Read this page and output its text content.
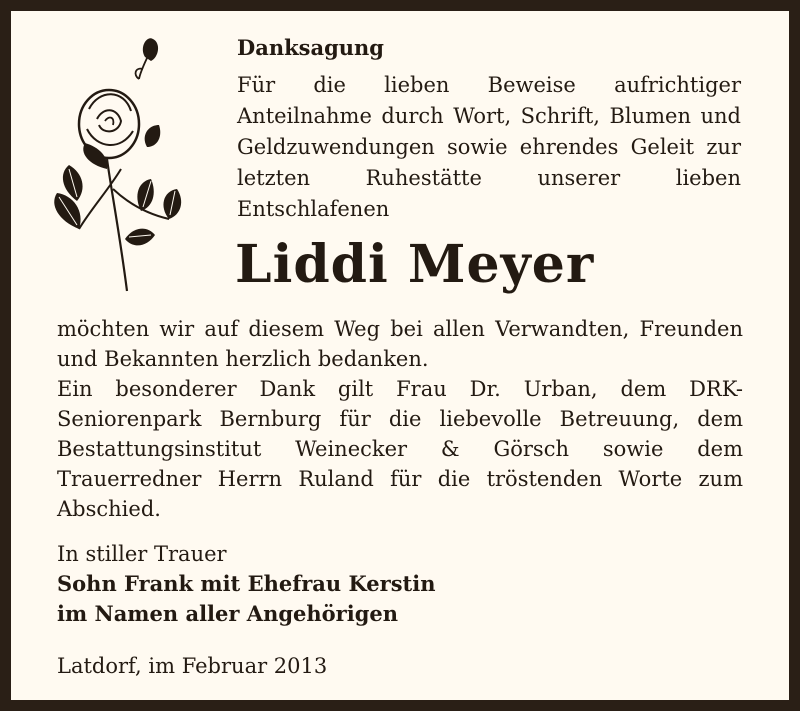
Danksagung

Für die lieben Beweise aufrichtiger Anteilnahme durch Wort, Schrift, Blumen und Geldzuwendungen sowie ehrendes Geleit zur letzten Ruhestätte unserer lieben Entschlafenen

Liddi Meyer

möchten wir auf diesem Weg bei allen Verwandten, Freunden und Bekannten herzlich bedanken.

Ein besonderer Dank gilt Frau Dr. Urban, dem DRK-Seniorenpark Bernburg für die liebevolle Betreuung, dem Bestattungsinstitut Weinecker & Görsch sowie dem Trauerredner Herrn Ruland für die tröstenden Worte zum Abschied.

In stiller Trauer
Sohn Frank mit Ehefrau Kerstin
im Namen aller Angehörigen
Latdorf, im Februar 2013
